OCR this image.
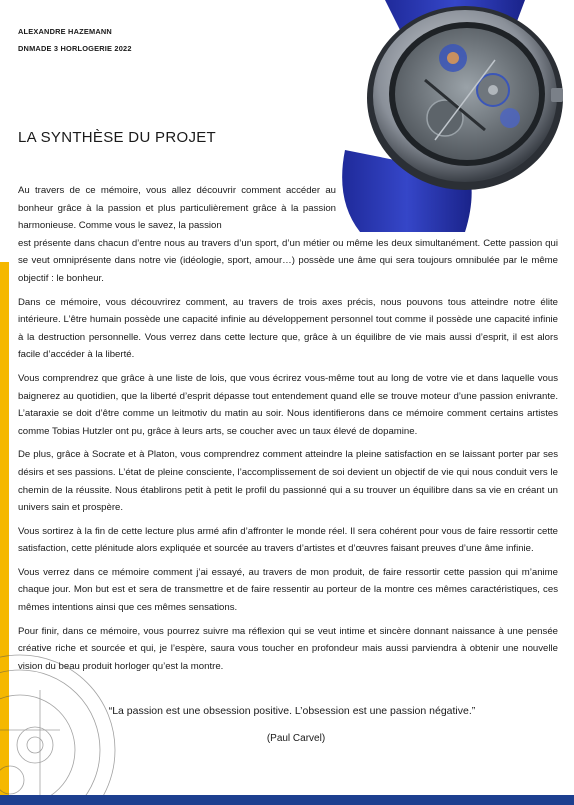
ALEXANDRE HAZEMANN
DNMADE 3 HORLOGERIE 2022
LA SYNTHÈSE DU PROJET

Au travers de ce mémoire, vous allez découvrir comment accéder au bonheur grâce à la passion et plus particulièrement grâce à la passion harmonieuse. Comme vous le savez, la passion

est présente dans chacun d’entre nous au travers d’un sport, d’un métier ou même les deux simultanément. Cette passion qui se veut omniprésente dans notre vie (idéologie, sport, amour…) possède une âme qui sera toujours omnibulée par le même objectif : le bonheur.

Dans ce mémoire, vous découvrirez comment, au travers de trois axes précis, nous pouvons tous atteindre notre élite intérieure. L’être humain possède une capacité infinie au développement personnel tout comme il possède une capacité infinie à la destruction personnelle. Vous verrez dans cette lecture que, grâce à un équilibre de vie mais aussi d’esprit, il est alors facile d’accéder à la liberté.

Vous comprendrez que grâce à une liste de lois, que vous écrirez vous-même tout au long de votre vie et dans laquelle vous baignerez au quotidien, que la liberté d’esprit dépasse tout entendement quand elle se trouve moteur d’une passion enivrante. L’ataraxie se doit d’être comme un leitmotiv du matin au soir. Nous identifierons dans ce mémoire comment certains artistes comme Tobias Hutzler ont pu, grâce à leurs arts, se coucher avec un taux élevé de dopamine.

De plus, grâce à Socrate et à Platon, vous comprendrez comment atteindre la pleine satisfaction en se laissant porter par ses désirs et ses passions. L’état de pleine consciente, l’accomplissement de soi devient un objectif de vie qui nous conduit vers le chemin de la réussite. Nous établirons petit à petit le profil du passionné qui a su trouver un équilibre dans sa vie en créant un univers sain et prospère.

Vous sortirez à la fin de cette lecture plus armé afin d’affronter le monde réel. Il sera cohérent pour vous de faire ressortir cette satisfaction, cette plénitude alors expliquée et sourcée au travers d’artistes et d’œuvres faisant preuves d’une âme infinie.

Vous verrez dans ce mémoire comment j’ai essayé, au travers de mon produit, de faire ressortir cette passion qui m’anime chaque jour. Mon but est et sera de transmettre et de faire ressentir au porteur de la montre ces mêmes caractéristiques, ces mêmes intentions ainsi que ces mêmes sensations.

Pour finir, dans ce mémoire, vous pourrez suivre ma réflexion qui se veut intime et sincère donnant naissance à une pensée créative riche et sourcée et qui, je l’espère, saura vous toucher en profondeur mais aussi parviendra à obtenir une nouvelle vision du beau produit horloger qu’est la montre.

“La passion est une obsession positive. L’obsession est une passion négative.”
(Paul Carvel)
